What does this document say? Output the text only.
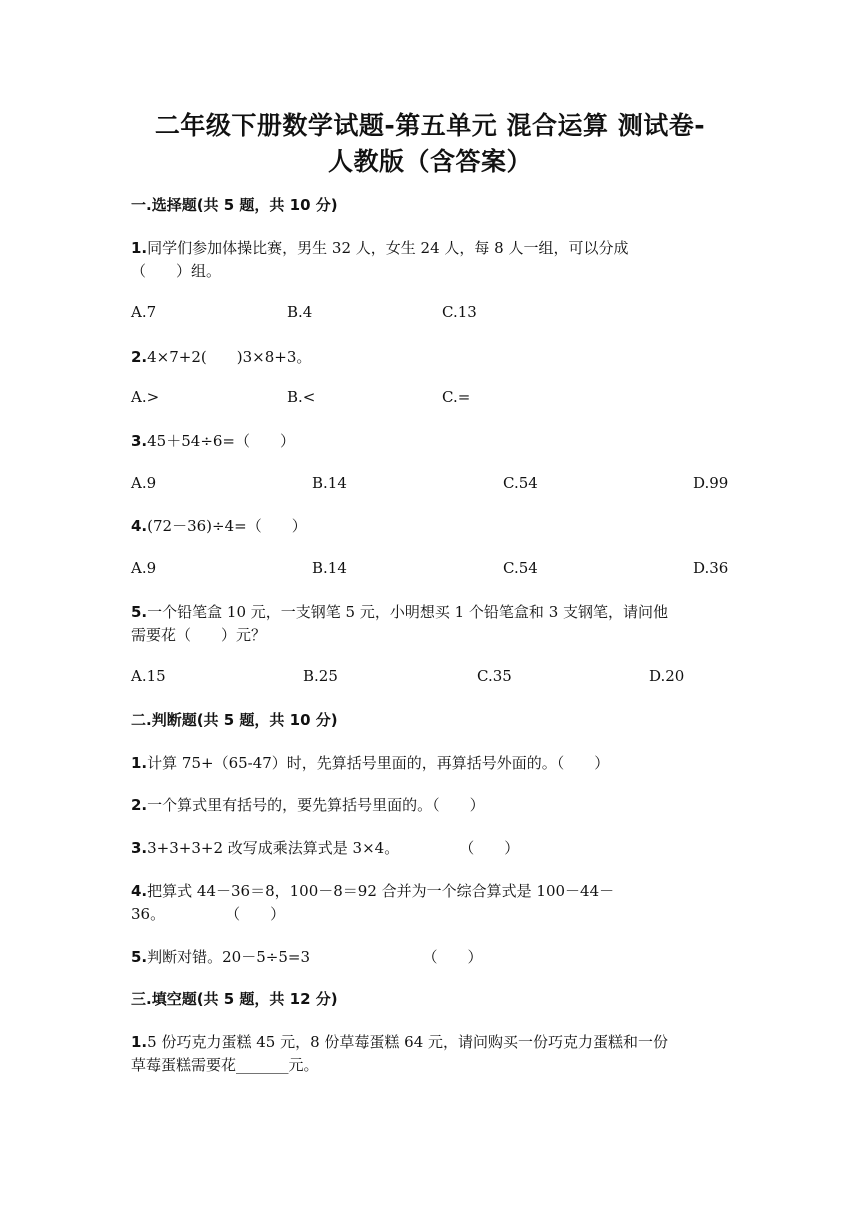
二年级下册数学试题-第五单元 混合运算 测试卷-
人教版（含答案）
一.选择题(共 5 题，共 10 分)
1.同学们参加体操比赛，男生 32 人，女生 24 人，每 8 人一组，可以分成
（　　）组。
A.7	B.4	C.13
2.4×7+2(　　)3×8+3。
A.>	B.<	C.=
3.45＋54÷6=（　　）
A.9	B.14	C.54	D.99
4.(72－36)÷4=（　　）
A.9	B.14	C.54	D.36
5.一个铅笔盒 10 元，一支钢笔 5 元，小明想买 1 个铅笔盒和 3 支钢笔，请问他
需要花（　　）元？
A.15	B.25	C.35	D.20
二.判断题(共 5 题，共 10 分)
1.计算 75+（65-47）时，先算括号里面的，再算括号外面的。（　　）
2.一个算式里有括号的，要先算括号里面的。（　　）
3.3+3+3+2 改写成乘法算式是 3×4。　　　　　（　　）
4.把算式 44－36＝8，100－8＝92 合并为一个综合算式是 100－44－
36。　　　　　（　　）
5.判断对错。20－5÷5=3　　　　　　　　（　　）
三.填空题(共 5 题，共 12 分)
1.5 份巧克力蛋糕 45 元，8 份草莓蛋糕 64 元，请问购买一份巧克力蛋糕和一份
草莓蛋糕需要花_______元。
